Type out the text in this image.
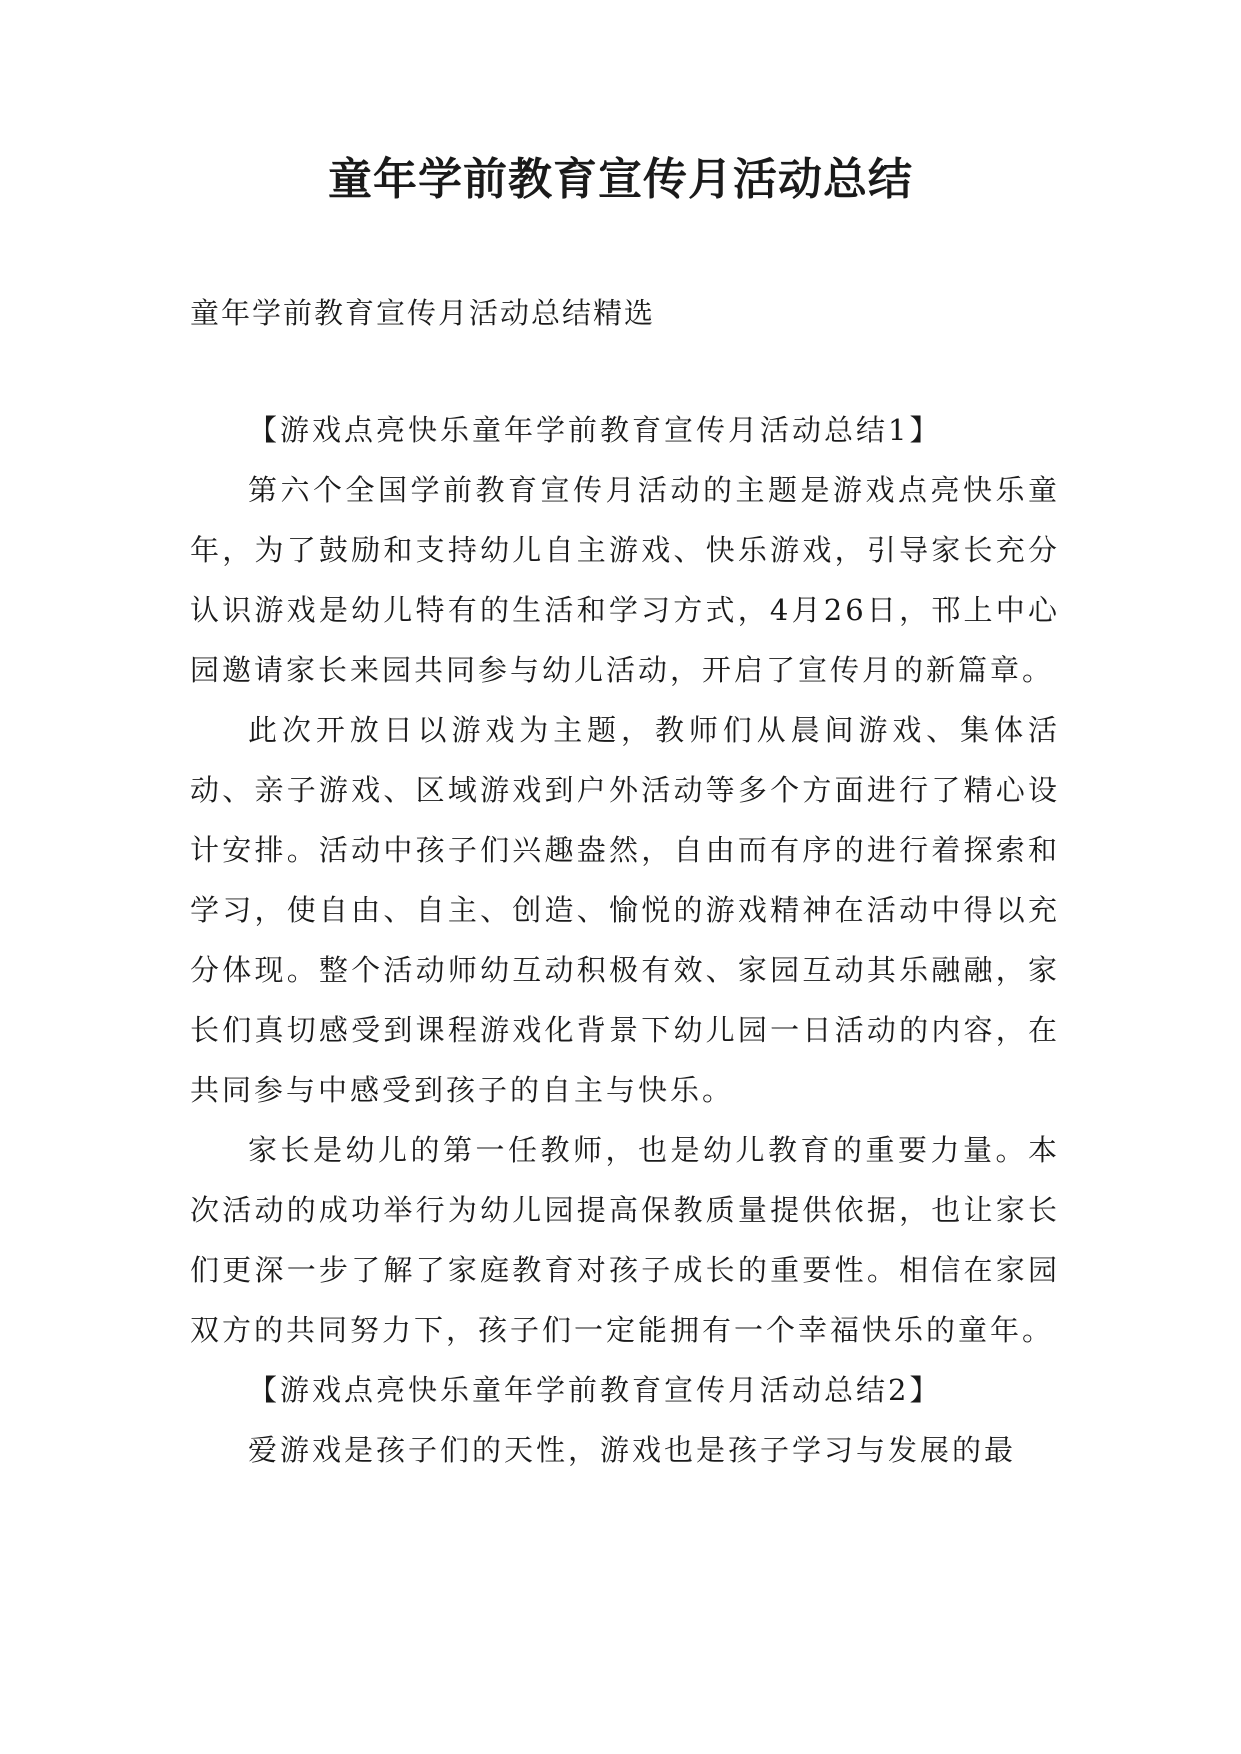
童年学前教育宣传月活动总结

童年学前教育宣传月活动总结精选

【游戏点亮快乐童年学前教育宣传月活动总结1】

第六个全国学前教育宣传月活动的主题是游戏点亮快乐童年，为了鼓励和支持幼儿自主游戏、快乐游戏，引导家长充分认识游戏是幼儿特有的生活和学习方式，4月26日，邗上中心园邀请家长来园共同参与幼儿活动，开启了宣传月的新篇章。

此次开放日以游戏为主题，教师们从晨间游戏、集体活动、亲子游戏、区域游戏到户外活动等多个方面进行了精心设计安排。活动中孩子们兴趣盎然，自由而有序的进行着探索和学习，使自由、自主、创造、愉悦的游戏精神在活动中得以充分体现。整个活动师幼互动积极有效、家园互动其乐融融，家长们真切感受到课程游戏化背景下幼儿园一日活动的内容，在共同参与中感受到孩子的自主与快乐。

家长是幼儿的第一任教师，也是幼儿教育的重要力量。本次活动的成功举行为幼儿园提高保教质量提供依据，也让家长们更深一步了解了家庭教育对孩子成长的重要性。相信在家园双方的共同努力下，孩子们一定能拥有一个幸福快乐的童年。

【游戏点亮快乐童年学前教育宣传月活动总结2】

爱游戏是孩子们的天性，游戏也是孩子学习与发展的最
